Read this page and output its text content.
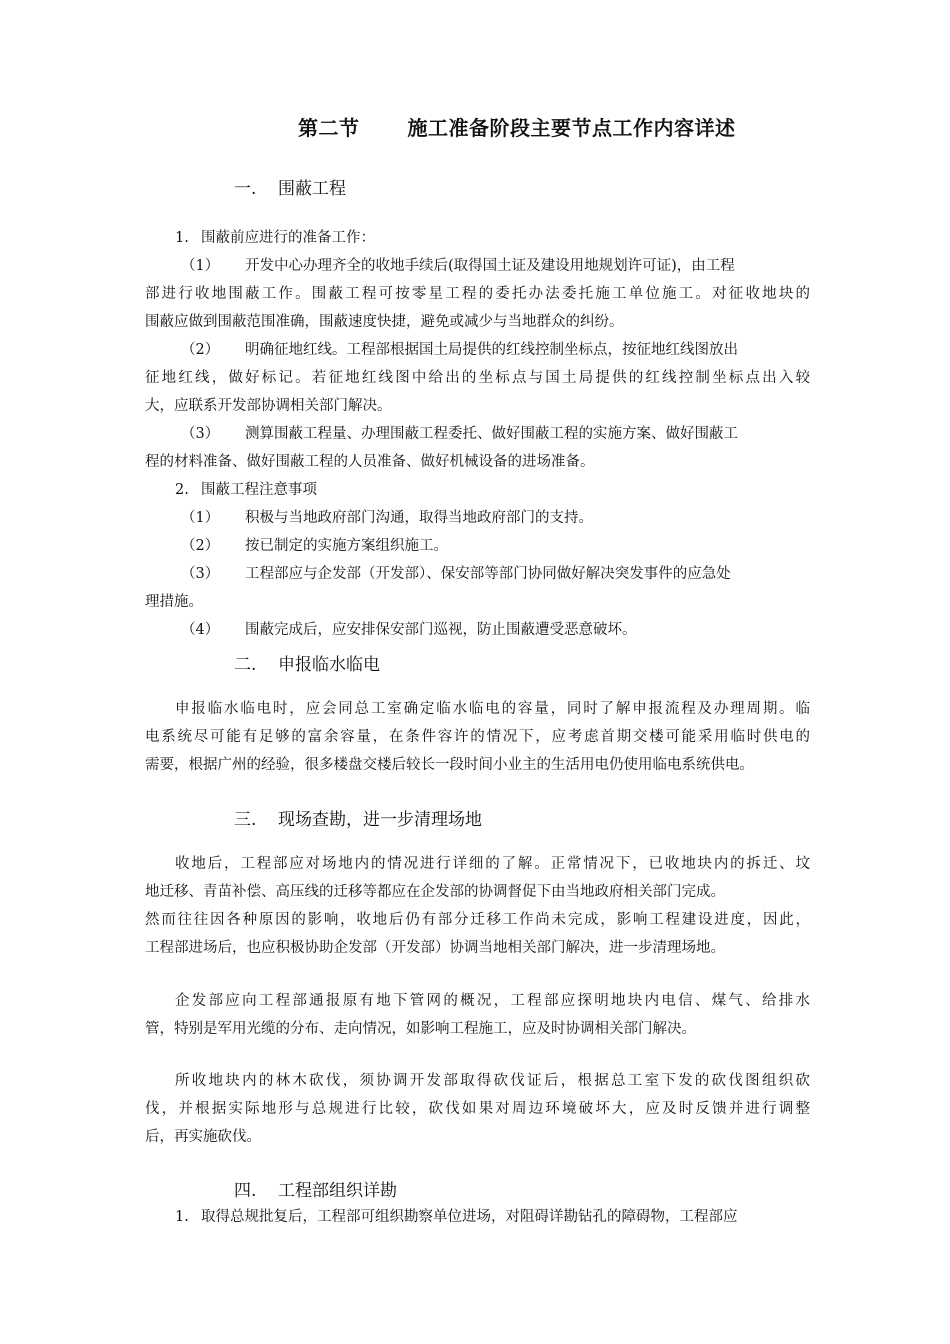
第二节 施工准备阶段主要节点工作内容详述
一. 围蔽工程
1. 围蔽前应进行的准备工作：
（1） 开发中心办理齐全的收地手续后(取得国土证及建设用地规划许可证)，由工程
部进行收地围蔽工作。围蔽工程可按零星工程的委托办法委托施工单位施工。对征收地块的
围蔽应做到围蔽范围准确，围蔽速度快捷，避免或减少与当地群众的纠纷。
（2） 明确征地红线。工程部根据国土局提供的红线控制坐标点，按征地红线图放出
征地红线，做好标记。若征地红线图中给出的坐标点与国土局提供的红线控制坐标点出入较
大，应联系开发部协调相关部门解决。
（3） 测算围蔽工程量、办理围蔽工程委托、做好围蔽工程的实施方案、做好围蔽工
程的材料准备、做好围蔽工程的人员准备、做好机械设备的进场准备。
2. 围蔽工程注意事项
（1） 积极与当地政府部门沟通，取得当地政府部门的支持。
（2） 按已制定的实施方案组织施工。
（3） 工程部应与企发部（开发部）、保安部等部门协同做好解决突发事件的应急处
理措施。
（4） 围蔽完成后，应安排保安部门巡视，防止围蔽遭受恶意破坏。
二. 申报临水临电
申报临水临电时，应会同总工室确定临水临电的容量，同时了解申报流程及办理周期。临
电系统尽可能有足够的富余容量，在条件容许的情况下，应考虑首期交楼可能采用临时供电的
需要，根据广州的经验，很多楼盘交楼后较长一段时间小业主的生活用电仍使用临电系统供电。
三. 现场查勘，进一步清理场地
收地后，工程部应对场地内的情况进行详细的了解。正常情况下，已收地块内的拆迁、坟
地迁移、青苗补偿、高压线的迁移等都应在企发部的协调督促下由当地政府相关部门完成。
然而往往因各种原因的影响，收地后仍有部分迁移工作尚未完成，影响工程建设进度，因此，
工程部进场后，也应积极协助企发部（开发部）协调当地相关部门解决，进一步清理场地。
企发部应向工程部通报原有地下管网的概况，工程部应探明地块内电信、煤气、给排水
管，特别是军用光缆的分布、走向情况，如影响工程施工，应及时协调相关部门解决。
所收地块内的林木砍伐，须协调开发部取得砍伐证后，根据总工室下发的砍伐图组织砍
伐，并根据实际地形与总规进行比较，砍伐如果对周边环境破坏大，应及时反馈并进行调整
后，再实施砍伐。
四. 工程部组织详勘
1. 取得总规批复后，工程部可组织勘察单位进场，对阻碍详勘钻孔的障碍物，工程部应
